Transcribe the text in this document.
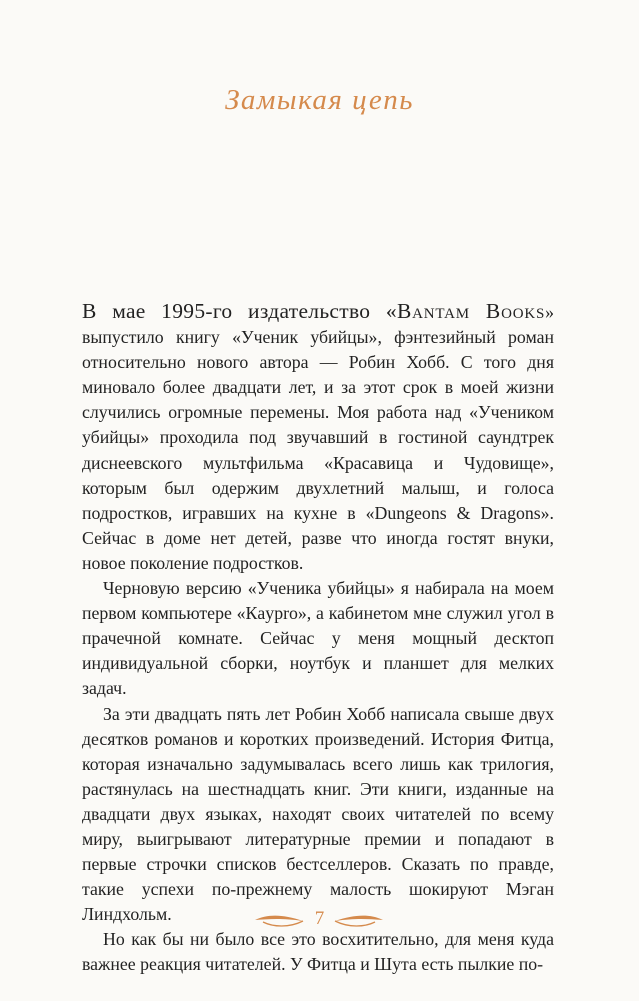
Замыкая цепь

В мае 1995-го издательство «Bantam Books» выпустило книгу «Ученик убийцы», фэнтезийный роман относительно нового автора — Робин Хобб. С того дня миновало более двадцати лет, и за этот срок в моей жизни случились огромные перемены. Моя работа над «Учеником убийцы» проходила под звучавший в гостиной саундтрек диснеевского мультфильма «Красавица и Чудовище», которым был одержим двухлетний малыш, и голоса подростков, игравших на кухне в «Dungeons & Dragons». Сейчас в доме нет детей, разве что иногда гостят внуки, новое поколение подростков.

Черновую версию «Ученика убийцы» я набирала на моем первом компьютере «Кaypro», а кабинетом мне служил угол в прачечной комнате. Сейчас у меня мощный десктоп индивидуальной сборки, ноутбук и планшет для мелких задач.

За эти двадцать пять лет Робин Хобб написала свыше двух десятков романов и коротких произведений. История Фитца, которая изначально задумывалась всего лишь как трилогия, растянулась на шестнадцать книг. Эти книги, изданные на двадцати двух языках, находят своих читателей по всему миру, выигрывают литературные премии и попадают в первые строчки списков бестселлеров. Сказать по правде, такие успехи по-прежнему малость шокируют Мэган Линдхольм.

Но как бы ни было все это восхитительно, для меня куда важнее реакция читателей. У Фитца и Шута есть пылкие по-

7
